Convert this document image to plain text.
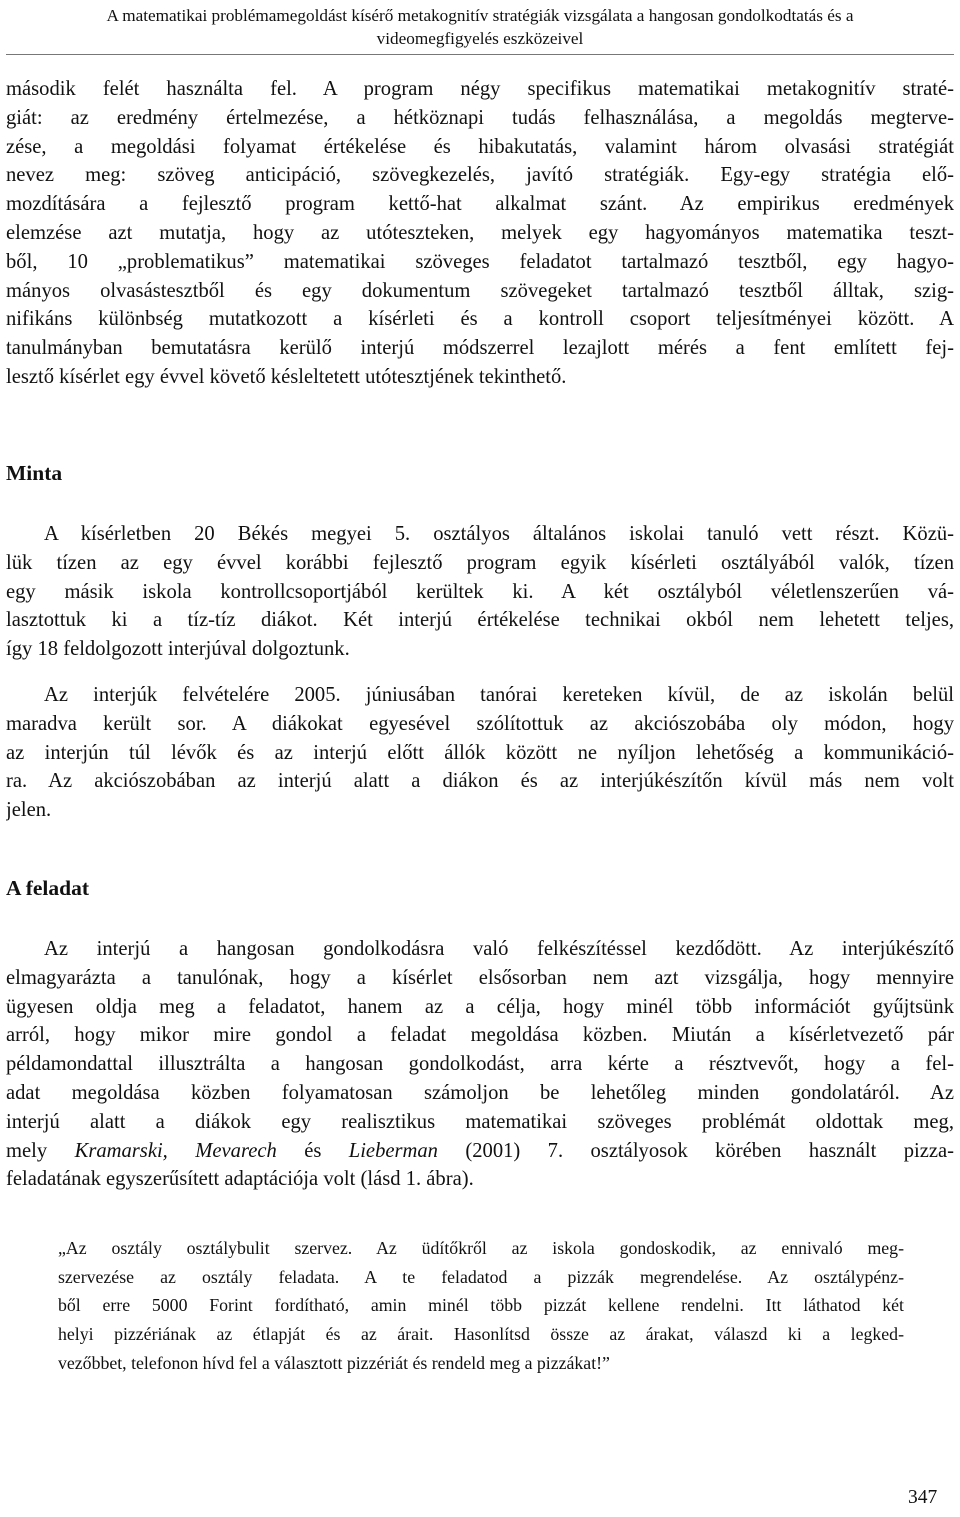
A matematikai problémamegoldást kísérő metakognitív stratégiák vizsgálata a hangosan gondolkodtatás és a
videomegfigyelés eszközeivel
második felét használta fel. A program négy specifikus matematikai metakognitív straté-
giát: az eredmény értelmezése, a hétköznapi tudás felhasználása, a megoldás megterve-
zése, a megoldási folyamat értékelése és hibakutatás, valamint három olvasási stratégiát
nevez meg: szöveg anticipáció, szövegkezelés, javító stratégiák. Egy-egy stratégia elő-
mozdítására a fejlesztő program kettő-hat alkalmat szánt. Az empirikus eredmények
elemzése azt mutatja, hogy az utóteszteken, melyek egy hagyományos matematika teszt-
ből, 10 „problematikus” matematikai szöveges feladatot tartalmazó tesztből, egy hagyo-
mányos olvasástesztből és egy dokumentum szövegeket tartalmazó tesztből álltak, szig-
nifikáns különbség mutatkozott a kísérleti és a kontroll csoport teljesítményei között. A
tanulmányban bemutatásra kerülő interjú módszerrel lezajlott mérés a fent említett fej-
lesztő kísérlet egy évvel követő késleltetett utótesztjének tekinthető.
Minta
A kísérletben 20 Békés megyei 5. osztályos általános iskolai tanuló vett részt. Közü-
lük tízen az egy évvel korábbi fejlesztő program egyik kísérleti osztályából valók, tízen
egy másik iskola kontrollcsoportjából kerültek ki. A két osztályból véletlenszerűen vá-
lasztottuk ki a tíz-tíz diákot. Két interjú értékelése technikai okból nem lehetett teljes,
így 18 feldolgozott interjúval dolgoztunk.
Az interjúk felvételére 2005. júniusában tanórai kereteken kívül, de az iskolán belül
maradva került sor. A diákokat egyesével szólítottuk az akciószobába oly módon, hogy
az interjún túl lévők és az interjú előtt állók között ne nyíljon lehetőség a kommunikáció-
ra. Az akciószobában az interjú alatt a diákon és az interjúkészítőn kívül más nem volt
jelen.
A feladat
Az interjú a hangosan gondolkodásra való felkészítéssel kezdődött. Az interjúkészítő
elmagyarázta a tanulónak, hogy a kísérlet elsősorban nem azt vizsgálja, hogy mennyire
ügyesen oldja meg a feladatot, hanem az a célja, hogy minél több információt gyűjtsünk
arról, hogy mikor mire gondol a feladat megoldása közben. Miután a kísérletvezető pár
példamondattal illusztrálta a hangosan gondolkodást, arra kérte a résztvevőt, hogy a fel-
adat megoldása közben folyamatosan számoljon be lehetőleg minden gondolatáról. Az
interjú alatt a diákok egy realisztikus matematikai szöveges problémát oldottak meg,
mely Kramarski, Mevarech és Lieberman (2001) 7. osztályosok körében használt pizza-
feladatának egyszerűsített adaptációja volt (lásd 1. ábra).
„Az osztály osztálybulit szervez. Az üdítőkről az iskola gondoskodik, az ennivaló meg-
szervezése az osztály feladata. A te feladatod a pizzák megrendelése. Az osztálypénz-
ből erre 5000 Forint fordítható, amin minél több pizzát kellene rendelni. Itt láthatod két
helyi pizzériának az étlapját és az árait. Hasonlítsd össze az árakat, válaszd ki a legked-
vezőbbet, telefonon hívd fel a választott pizzériát és rendeld meg a pizzákat!”
347
